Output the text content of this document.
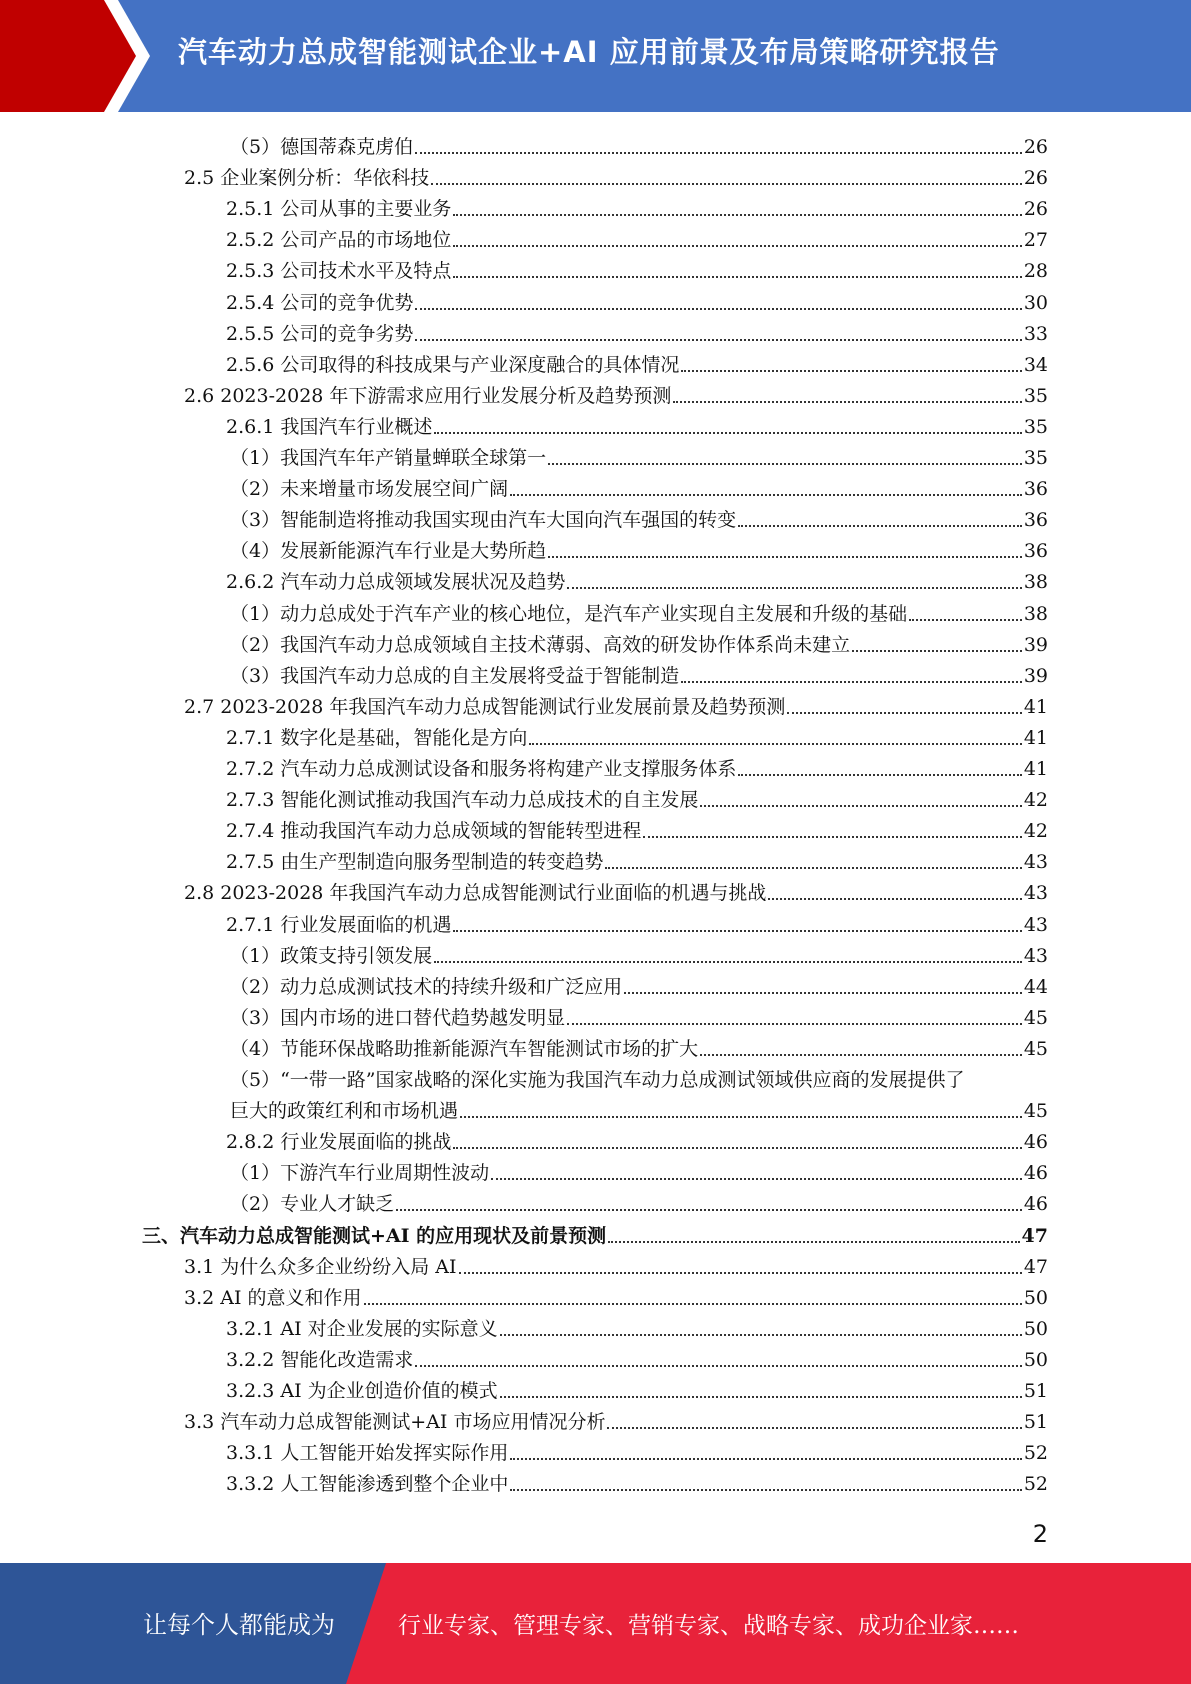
汽车动力总成智能测试企业+AI 应用前景及布局策略研究报告
（5）德国蒂森克虏伯	26
2.5 企业案例分析：华依科技	26
2.5.1 公司从事的主要业务	26
2.5.2 公司产品的市场地位	27
2.5.3 公司技术水平及特点	28
2.5.4 公司的竞争优势	30
2.5.5 公司的竞争劣势	33
2.5.6 公司取得的科技成果与产业深度融合的具体情况	34
2.6 2023-2028 年下游需求应用行业发展分析及趋势预测	35
2.6.1 我国汽车行业概述	35
（1）我国汽车年产销量蝉联全球第一	35
（2）未来增量市场发展空间广阔	36
（3）智能制造将推动我国实现由汽车大国向汽车强国的转变	36
（4）发展新能源汽车行业是大势所趋	36
2.6.2 汽车动力总成领域发展状况及趋势	38
（1）动力总成处于汽车产业的核心地位，是汽车产业实现自主发展和升级的基础	38
（2）我国汽车动力总成领域自主技术薄弱、高效的研发协作体系尚未建立	39
（3）我国汽车动力总成的自主发展将受益于智能制造	39
2.7 2023-2028 年我国汽车动力总成智能测试行业发展前景及趋势预测	41
2.7.1 数字化是基础，智能化是方向	41
2.7.2 汽车动力总成测试设备和服务将构建产业支撑服务体系	41
2.7.3 智能化测试推动我国汽车动力总成技术的自主发展	42
2.7.4 推动我国汽车动力总成领域的智能转型进程	42
2.7.5 由生产型制造向服务型制造的转变趋势	43
2.8 2023-2028 年我国汽车动力总成智能测试行业面临的机遇与挑战	43
2.7.1 行业发展面临的机遇	43
（1）政策支持引领发展	43
（2）动力总成测试技术的持续升级和广泛应用	44
（3）国内市场的进口替代趋势越发明显	45
（4）节能环保战略助推新能源汽车智能测试市场的扩大	45
（5）“一带一路”国家战略的深化实施为我国汽车动力总成测试领域供应商的发展提供了
巨大的政策红利和市场机遇	45
2.8.2 行业发展面临的挑战	46
（1）下游汽车行业周期性波动	46
（2）专业人才缺乏	46
三、汽车动力总成智能测试+AI 的应用现状及前景预测	47
3.1 为什么众多企业纷纷入局 AI	47
3.2 AI 的意义和作用	50
3.2.1 AI 对企业发展的实际意义	50
3.2.2 智能化改造需求	50
3.2.3 AI 为企业创造价值的模式	51
3.3 汽车动力总成智能测试+AI 市场应用情况分析	51
3.3.1 人工智能开始发挥实际作用	52
3.3.2 人工智能渗透到整个企业中	52
2
让每个人都能成为	行业专家、管理专家、营销专家、战略专家、成功企业家……
